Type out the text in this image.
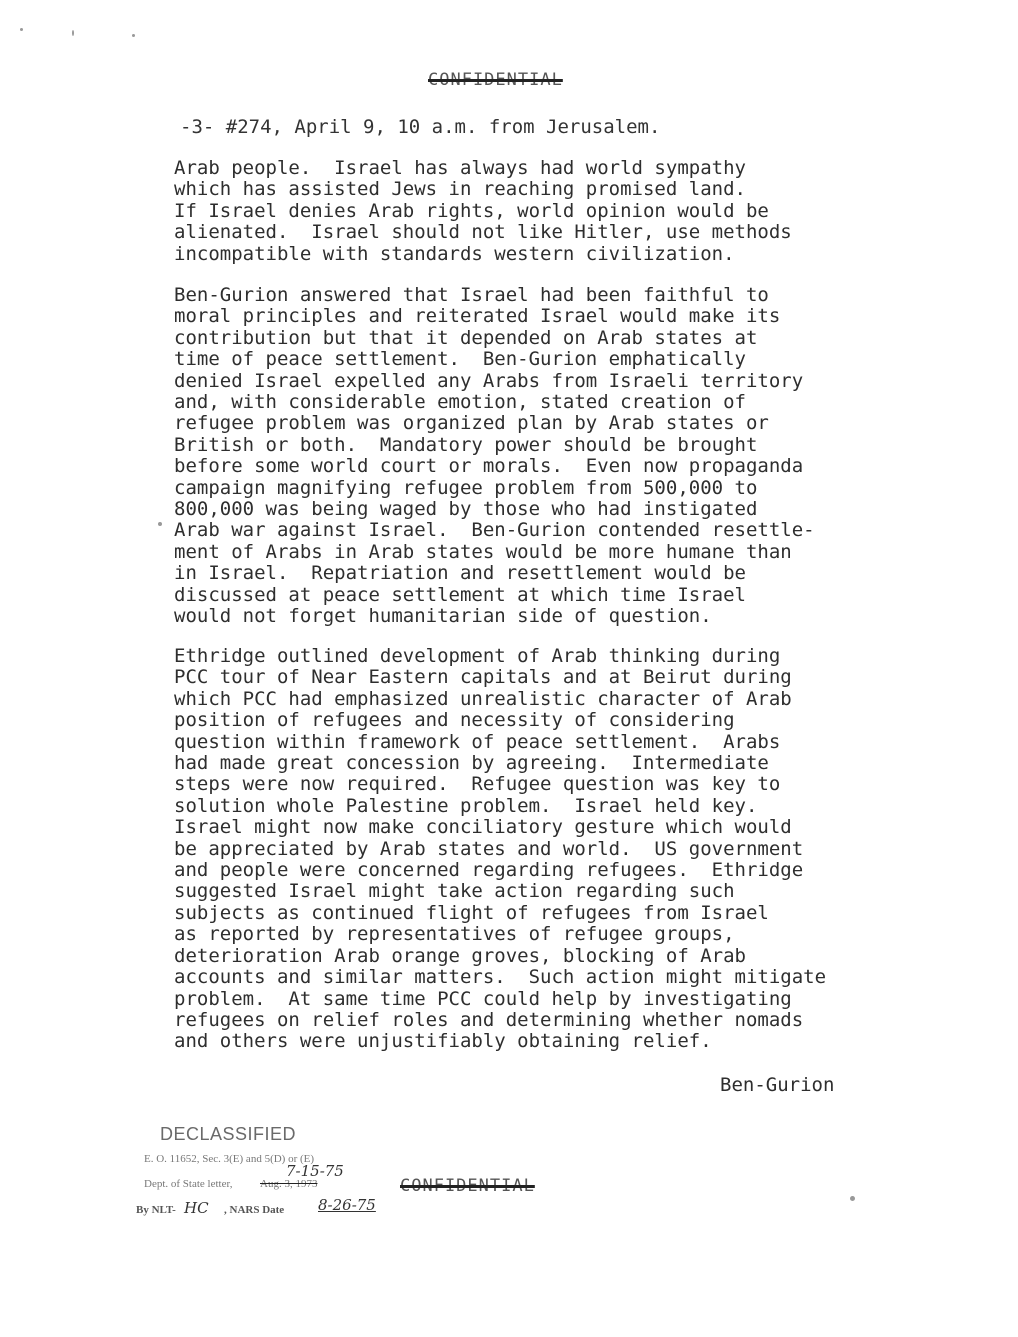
CONFIDENTIAL
-3- #274, April 9, 10 a.m. from Jerusalem.
Arab people.  Israel has always had world sympathy
which has assisted Jews in reaching promised land.
If Israel denies Arab rights, world opinion would be
alienated.  Israel should not like Hitler, use methods
incompatible with standards western civilization.
Ben-Gurion answered that Israel had been faithful to
moral principles and reiterated Israel would make its
contribution but that it depended on Arab states at
time of peace settlement.  Ben-Gurion emphatically
denied Israel expelled any Arabs from Israeli territory
and, with considerable emotion, stated creation of
refugee problem was organized plan by Arab states or
British or both.  Mandatory power should be brought
before some world court or morals.  Even now propaganda
campaign magnifying refugee problem from 500,000 to
800,000 was being waged by those who had instigated
Arab war against Israel.  Ben-Gurion contended resettle-
ment of Arabs in Arab states would be more humane than
in Israel.  Repatriation and resettlement would be
discussed at peace settlement at which time Israel
would not forget humanitarian side of question.
Ethridge outlined development of Arab thinking during
PCC tour of Near Eastern capitals and at Beirut during
which PCC had emphasized unrealistic character of Arab
position of refugees and necessity of considering
question within framework of peace settlement.  Arabs
had made great concession by agreeing.  Intermediate
steps were now required.  Refugee question was key to
solution whole Palestine problem.  Israel held key.
Israel might now make conciliatory gesture which would
be appreciated by Arab states and world.  US government
and people were concerned regarding refugees.  Ethridge
suggested Israel might take action regarding such
subjects as continued flight of refugees from Israel
as reported by representatives of refugee groups,
deterioration Arab orange groves, blocking of Arab
accounts and similar matters.  Such action might mitigate
problem.  At same time PCC could help by investigating
refugees on relief roles and determining whether nomads
and others were unjustifiably obtaining relief.
Ben-Gurion
DECLASSIFIED
E. O. 11652, Sec. 3(E) and 5(D) or (E)
7-15-75
Dept. of State letter,	Aug. 3, 1973
By NLT- HC , NARS Date 8-26-75
CONFIDENTIAL
